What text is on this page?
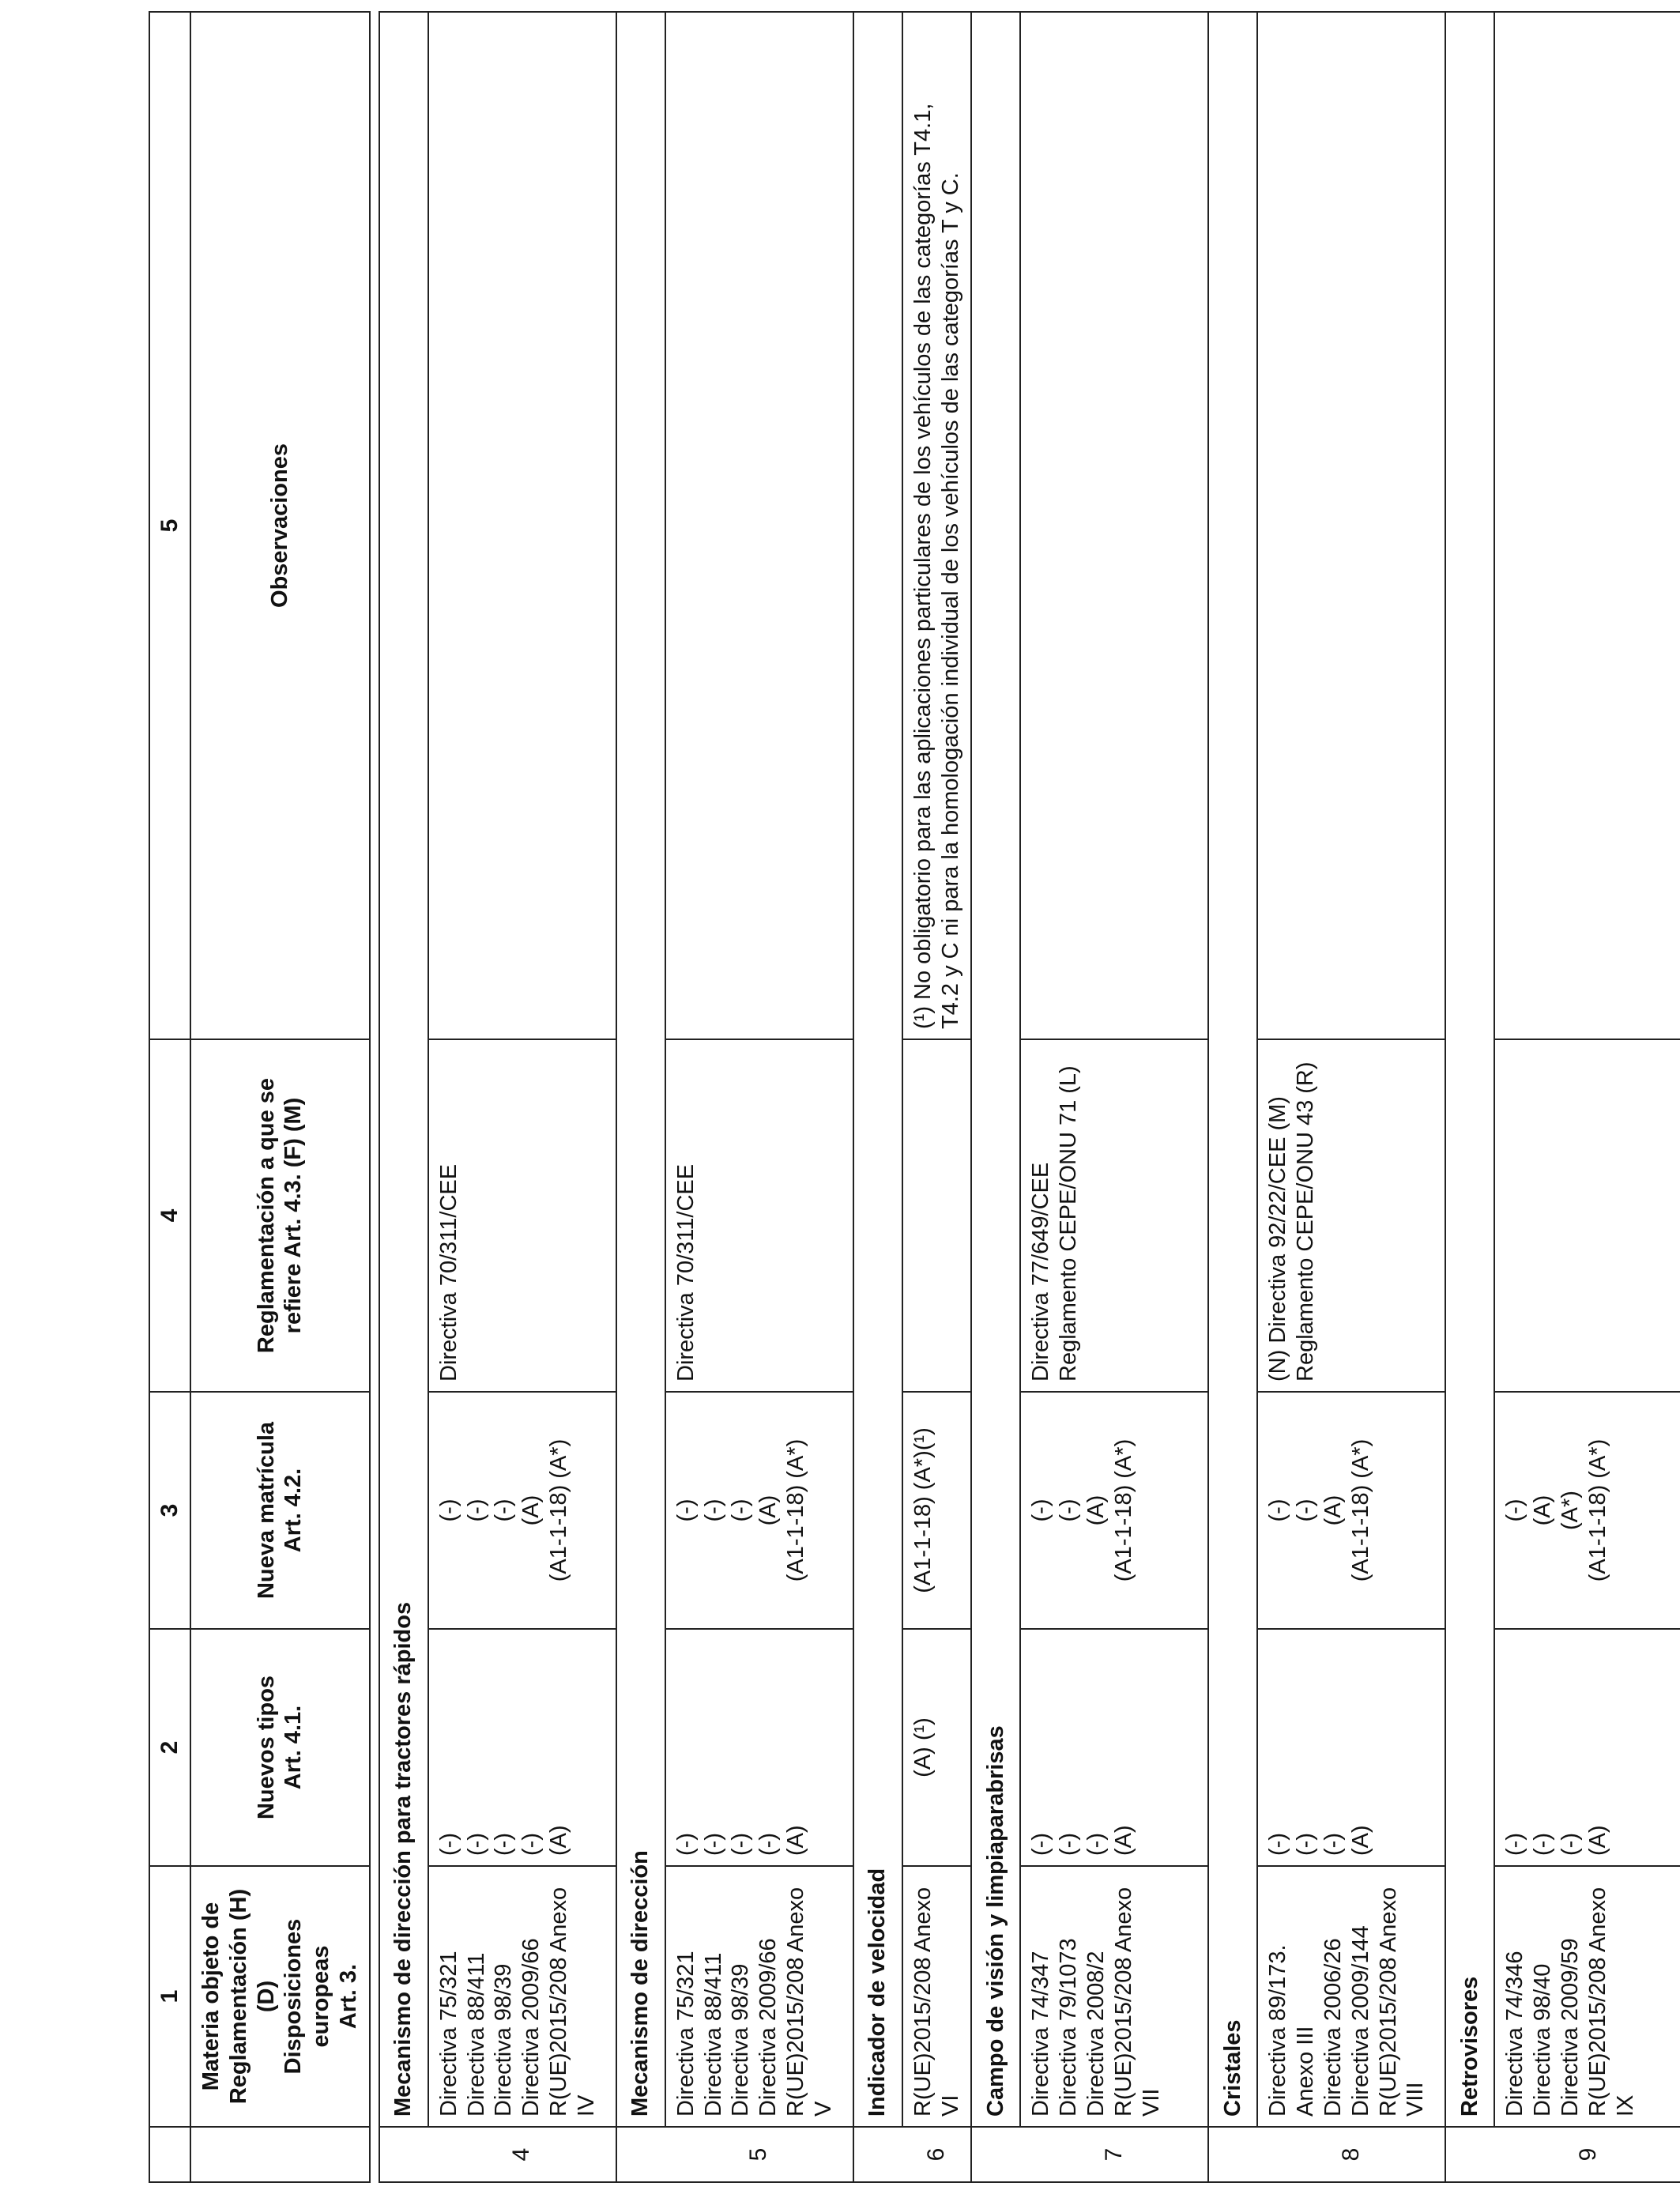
	1	2	3	4	5
	Materia objeto de
Reglamentación (H) (D)
Disposiciones europeas
Art. 3.	Nuevos tipos
Art. 4.1.	Nueva matrícula
Art. 4.2.	Reglamentación a que se
refiere Art. 4.3. (F) (M)	Observaciones

	Mecanismo de dirección para tractores rápidos				
4	Directiva 75/321
Directiva 88/411
Directiva 98/39
Directiva 2009/66
R(UE)2015/208 Anexo IV	(-)
(-)
(-)
(-)
(A)	(-)
(-)
(-)
(A)
(A1-1-18) (A*)	Directiva 70/311/CEE	
	Mecanismo de dirección				
5	Directiva 75/321
Directiva 88/411
Directiva 98/39
Directiva 2009/66
R(UE)2015/208 Anexo V	(-)
(-)
(-)
(-)
(A)	(-)
(-)
(-)
(A)
(A1-1-18) (A*)	Directiva 70/311/CEE	
	Indicador de velocidad				
6	R(UE)2015/208 Anexo VI	(A) (¹)	(A1-1-18) (A*)(¹)		(¹) No obligatorio para las aplicaciones particulares de los vehículos de las categorías T4.1,
T4.2 y C ni para la homologación individual de los vehículos de las categorías T y C.
	Campo de visión y limpiaparabrisas				
7	Directiva 74/347
Directiva 79/1073
Directiva 2008/2
R(UE)2015/208 Anexo VII	(-)
(-)
(-)
(A)	(-)
(-)
(A)
(A1-1-18) (A*)	Directiva 77/649/CEE
Reglamento CEPE/ONU 71 (L)	
	Cristales				
8	Directiva 89/173. Anexo III
Directiva 2006/26
Directiva 2009/144
R(UE)2015/208 Anexo VIII	(-)
(-)
(-)
(A)	(-)
(-)
(A)
(A1-1-18) (A*)	(N) Directiva 92/22/CEE (M)
Reglamento CEPE/ONU 43 (R)	
	Retrovisores				
9	Directiva 74/346
Directiva 98/40
Directiva 2009/59
R(UE)2015/208 Anexo IX	(-)
(-)
(-)
(A)	(-)
(A)
(A*)
(A1-1-18) (A*)		
